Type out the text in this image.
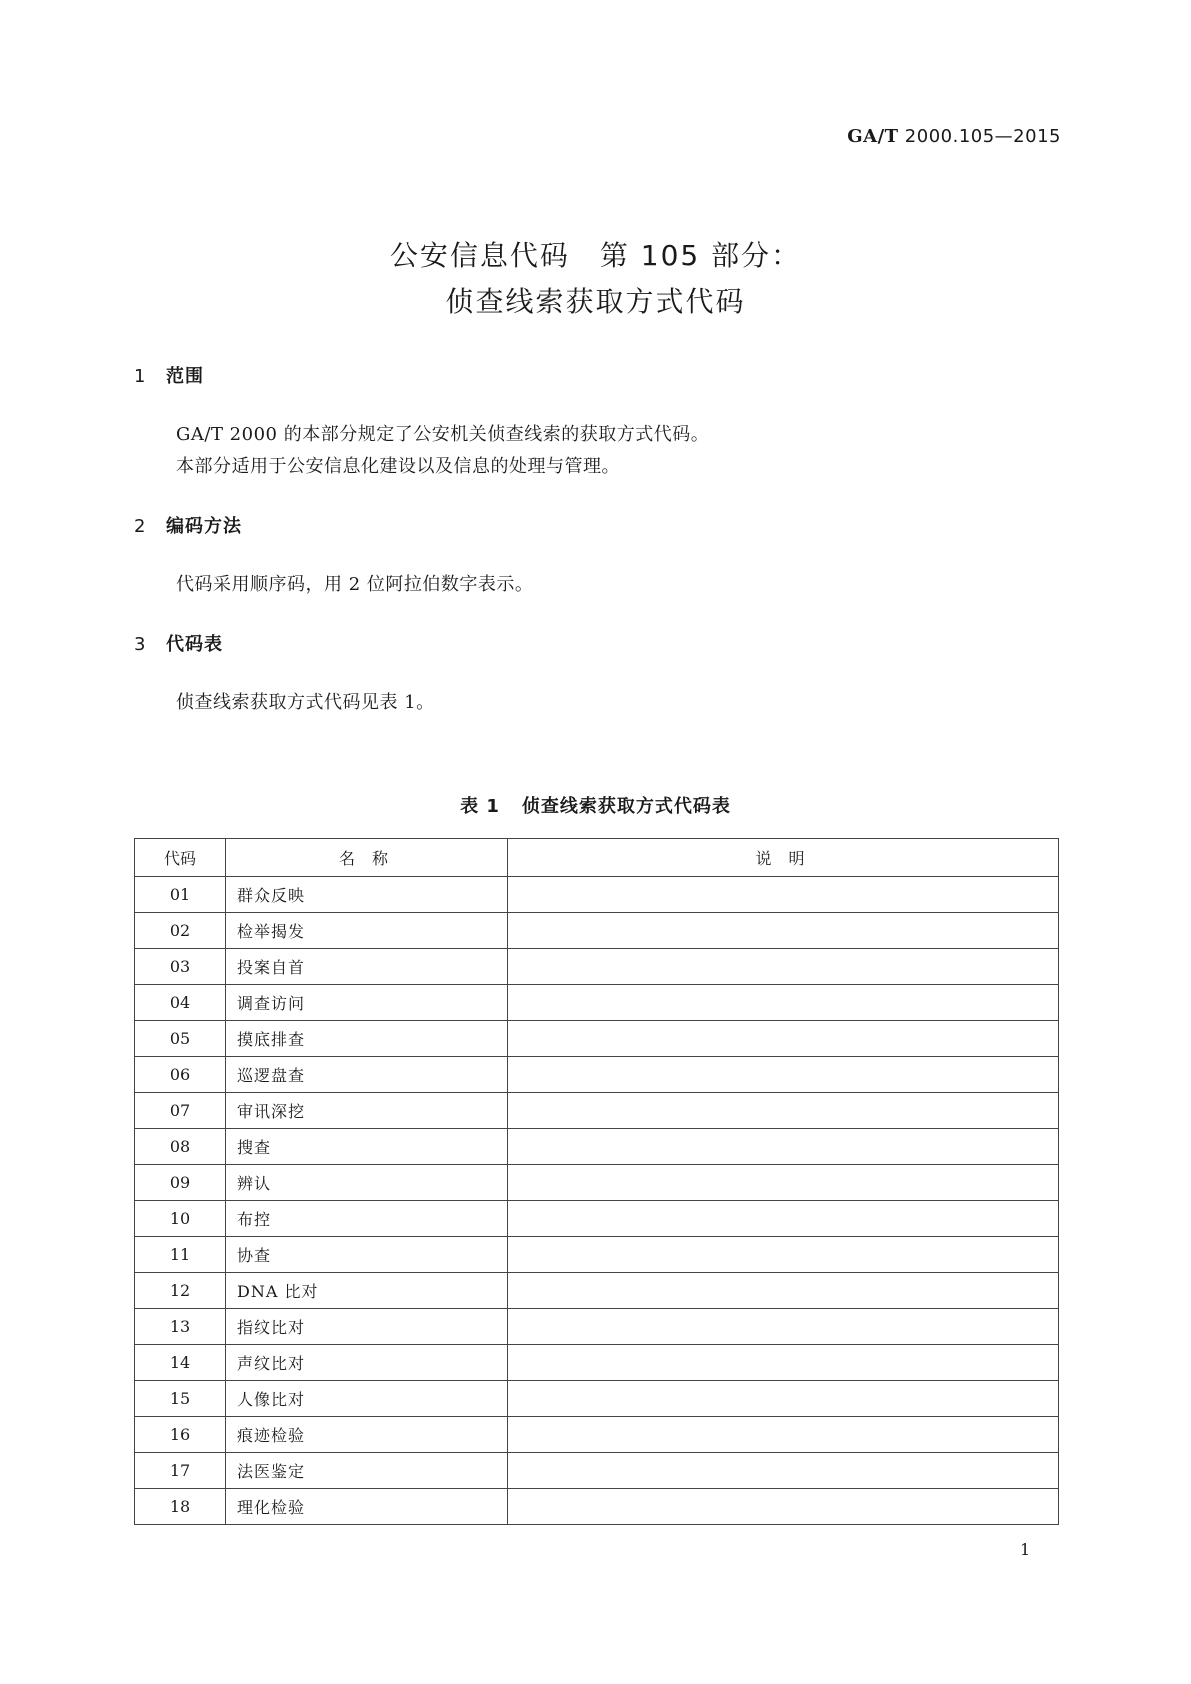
GA/T 2000.105—2015
公安信息代码　第 105 部分：
侦查线索获取方式代码
1 范围
GA/T 2000 的本部分规定了公安机关侦查线索的获取方式代码。
本部分适用于公安信息化建设以及信息的处理与管理。
2 编码方法
代码采用顺序码，用 2 位阿拉伯数字表示。
3 代码表
侦查线索获取方式代码见表 1。
表 1 侦查线索获取方式代码表
代码	名 称	说 明
01	群众反映	
02	检举揭发	
03	投案自首	
04	调查访问	
05	摸底排查	
06	巡逻盘查	
07	审讯深挖	
08	搜查	
09	辨认	
10	布控	
11	协查	
12	DNA 比对	
13	指纹比对	
14	声纹比对	
15	人像比对	
16	痕迹检验	
17	法医鉴定	
18	理化检验	
1
